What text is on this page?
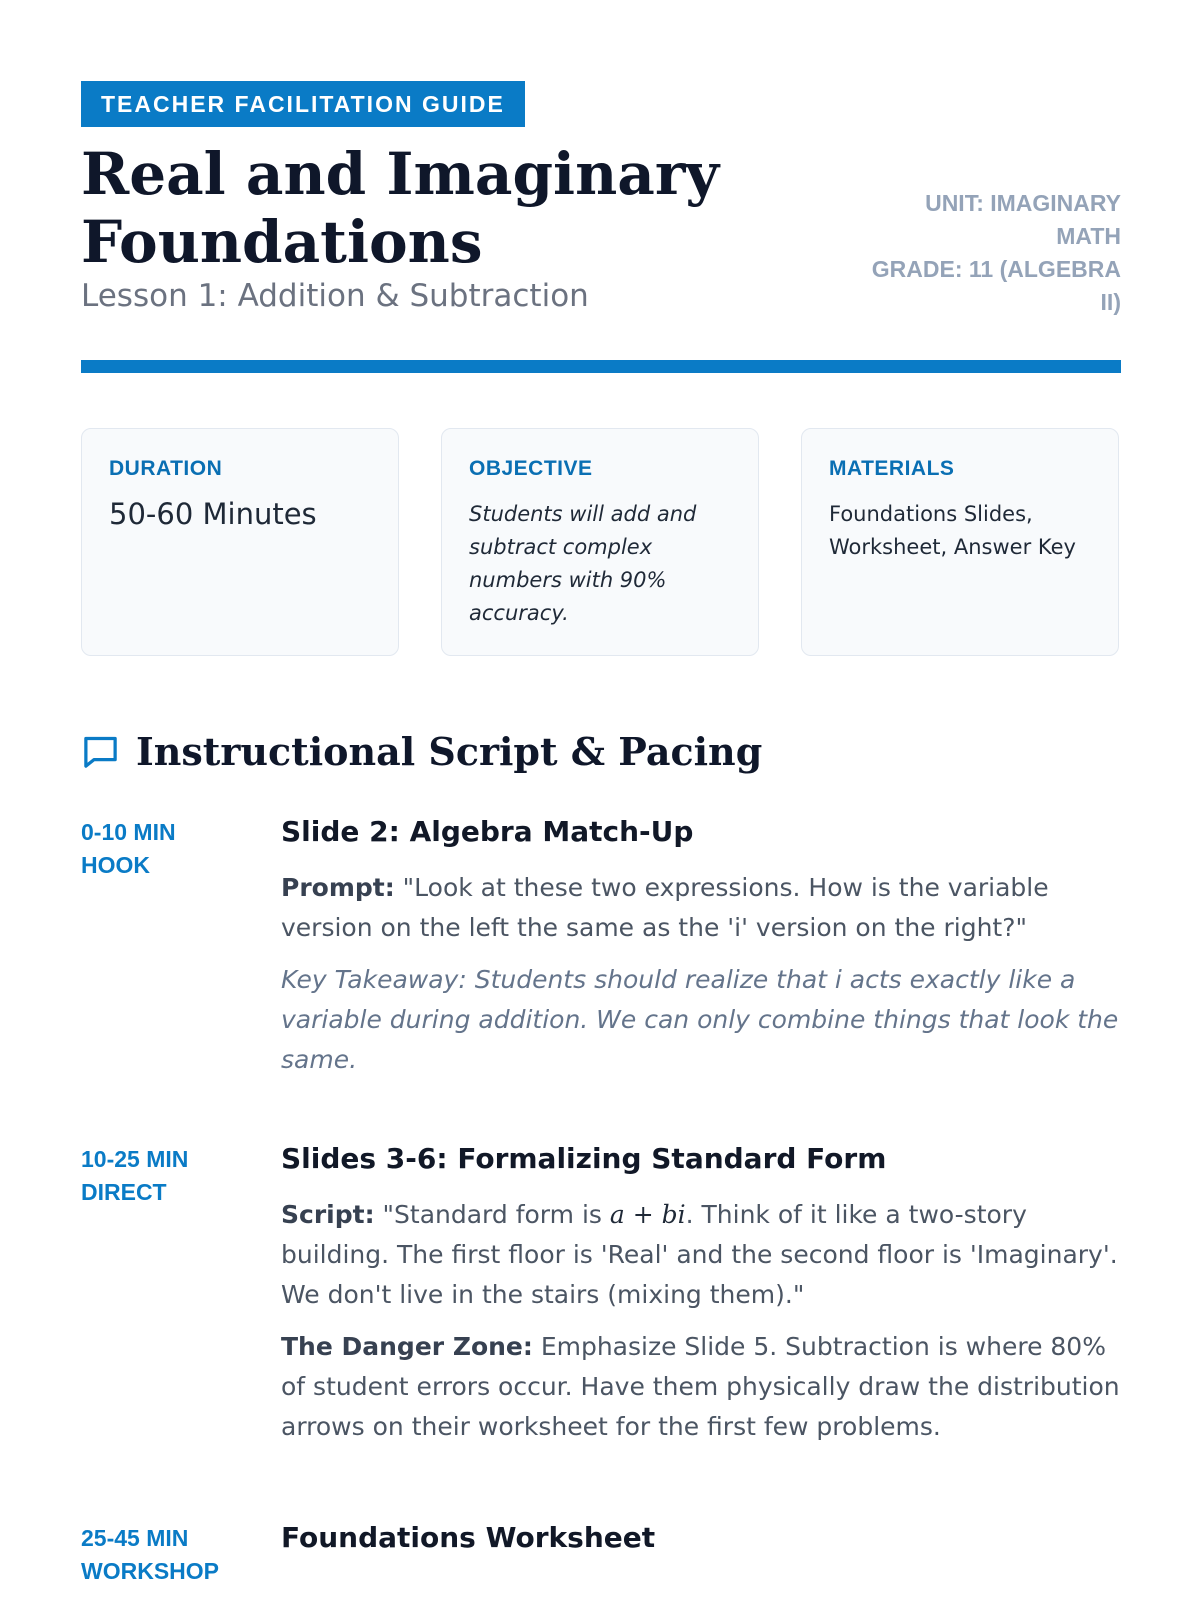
TEACHER FACILITATION GUIDE
Real and Imaginary Foundations
Lesson 1: Addition & Subtraction
UNIT: IMAGINARY MATH
GRADE: 11 (ALGEBRA II)
DURATION
50-60 Minutes
OBJECTIVE
Students will add and subtract complex numbers with 90% accuracy.
MATERIALS
Foundations Slides, Worksheet, Answer Key
Instructional Script & Pacing
0-10 MIN
HOOK
Slide 2: Algebra Match-Up

Prompt: "Look at these two expressions. How is the variable version on the left the same as the 'i' version on the right?"

Key Takeaway: Students should realize that i acts exactly like a variable during addition. We can only combine things that look the same.

10-25 MIN
DIRECT
Slides 3-6: Formalizing Standard Form

Script: "Standard form is a + bi. Think of it like a two-story building. The first floor is 'Real' and the second floor is 'Imaginary'. We don't live in the stairs (mixing them)."

The Danger Zone: Emphasize Slide 5. Subtraction is where 80% of student errors occur. Have them physically draw the distribution arrows on their worksheet for the first few problems.

25-45 MIN
WORKSHOP
Foundations Worksheet
